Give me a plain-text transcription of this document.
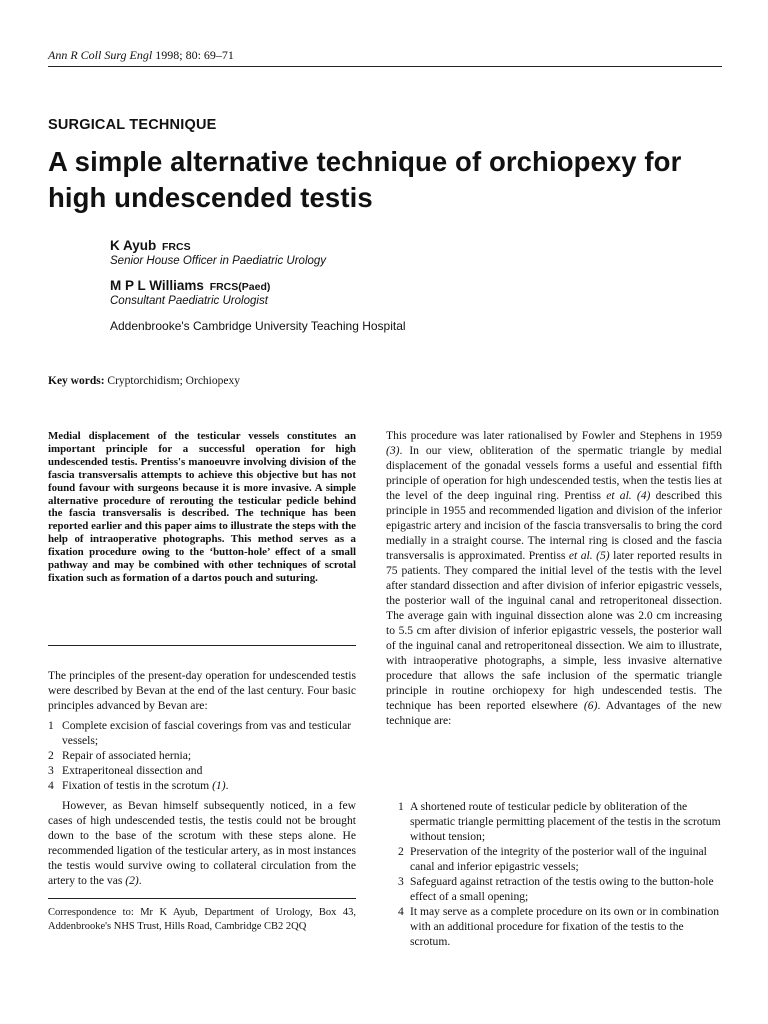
Ann R Coll Surg Engl 1998; 80: 69–71
SURGICAL TECHNIQUE
A simple alternative technique of orchiopexy for high undescended testis
K Ayub FRCS
Senior House Officer in Paediatric Urology
M P L Williams FRCS(Paed)
Consultant Paediatric Urologist
Addenbrooke's Cambridge University Teaching Hospital
Key words: Cryptorchidism; Orchiopexy
Medial displacement of the testicular vessels constitutes an important principle for a successful operation for high undescended testis. Prentiss's manoeuvre involving division of the fascia transversalis attempts to achieve this objective but has not found favour with surgeons because it is more invasive. A simple alternative procedure of rerouting the testicular pedicle behind the fascia transversalis is described. The technique has been reported earlier and this paper aims to illustrate the steps with the help of intraoperative photographs. This method serves as a fixation procedure owing to the ‘button-hole’ effect of a small pathway and may be combined with other techniques of scrotal fixation such as formation of a dartos pouch and suturing.
The principles of the present-day operation for undescended testis were described by Bevan at the end of the last century. Four basic principles advanced by Bevan are:
1 Complete excision of fascial coverings from vas and testicular vessels;
2 Repair of associated hernia;
3 Extraperitoneal dissection and
4 Fixation of testis in the scrotum (1).
However, as Bevan himself subsequently noticed, in a few cases of high undescended testis, the testis could not be brought down to the base of the scrotum with these steps alone. He recommended ligation of the testicular artery, as in most instances the testis would survive owing to collateral circulation from the artery to the vas (2).
Correspondence to: Mr K Ayub, Department of Urology, Box 43, Addenbrooke's NHS Trust, Hills Road, Cambridge CB2 2QQ
This procedure was later rationalised by Fowler and Stephens in 1959 (3). In our view, obliteration of the spermatic triangle by medial displacement of the gonadal vessels forms a useful and essential fifth principle of operation for high undescended testis, when the testis lies at the level of the deep inguinal ring. Prentiss et al. (4) described this principle in 1955 and recommended ligation and division of the inferior epigastric artery and incision of the fascia transversalis to bring the cord medially in a straight course. The internal ring is closed and the fascia transversalis is approximated. Prentiss et al. (5) later reported results in 75 patients. They compared the initial level of the testis with the level after standard dissection and after division of inferior epigastric vessels, the posterior wall of the inguinal canal and retroperitoneal dissection. The average gain with inguinal dissection alone was 2.0 cm increasing to 5.5 cm after division of inferior epigastric vessels, the posterior wall of the inguinal canal and retroperitoneal dissection. We aim to illustrate, with intraoperative photographs, a simple, less invasive alternative procedure that allows the safe inclusion of the spermatic triangle principle in routine orchiopexy for high undescended testis. The technique has been reported elsewhere (6). Advantages of the new technique are:
1 A shortened route of testicular pedicle by obliteration of the spermatic triangle permitting placement of the testis in the scrotum without tension;
2 Preservation of the integrity of the posterior wall of the inguinal canal and inferior epigastric vessels;
3 Safeguard against retraction of the testis owing to the button-hole effect of a small opening;
4 It may serve as a complete procedure on its own or in combination with an additional procedure for fixation of the testis to the scrotum.
